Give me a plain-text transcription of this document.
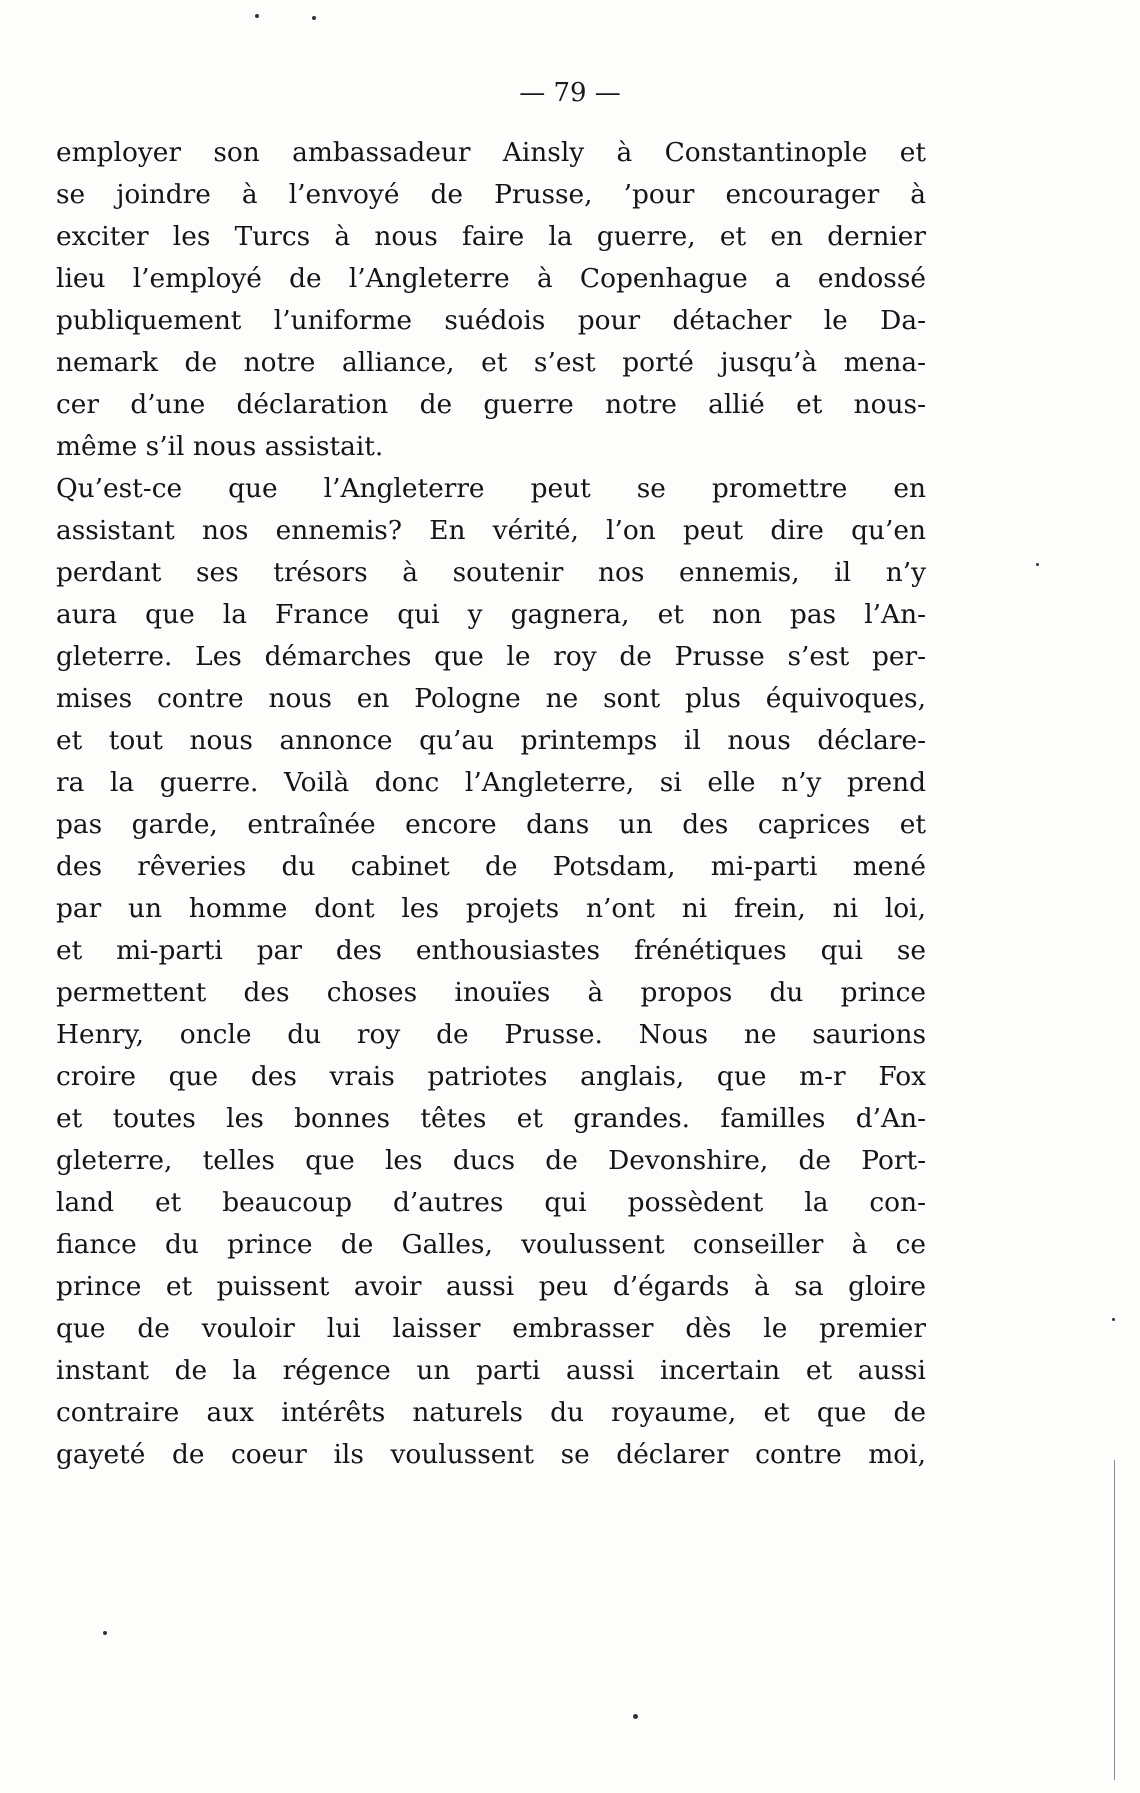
— 79 —
employer son ambassadeur Ainsly à Constantinople et
se joindre à l’envoyé de Prusse, ’pour encourager à
exciter les Turcs à nous faire la guerre, et en dernier
lieu l’employé de l’Angleterre à Copenhague a endossé
publiquement l’uniforme suédois pour détacher le Da-
nemark de notre alliance, et s’est porté jusqu’à mena-
cer d’une déclaration de guerre notre allié et nous-
même s’il nous assistait.
Qu’est-ce que l’Angleterre peut se promettre en
assistant nos ennemis? En vérité, l’on peut dire qu’en
perdant ses trésors à soutenir nos ennemis, il n’y
aura que la France qui y gagnera, et non pas l’An-
gleterre. Les démarches que le roy de Prusse s’est per-
mises contre nous en Pologne ne sont plus équivoques,
et tout nous annonce qu’au printemps il nous déclare-
ra la guerre. Voilà donc l’Angleterre, si elle n’y prend
pas garde, entraînée encore dans un des caprices et
des rêveries du cabinet de Potsdam, mi-parti mené
par un homme dont les projets n’ont ni frein, ni loi,
et mi-parti par des enthousiastes frénétiques qui se
permettent des choses inouïes à propos du prince
Henry, oncle du roy de Prusse. Nous ne saurions
croire que des vrais patriotes anglais, que m-r Fox
et toutes les bonnes têtes et grandes. familles d’An-
gleterre, telles que les ducs de Devonshire, de Port-
land et beaucoup d’autres qui possèdent la con-
fiance du prince de Galles, voulussent conseiller à ce
prince et puissent avoir aussi peu d’égards à sa gloire
que de vouloir lui laisser embrasser dès le premier
instant de la régence un parti aussi incertain et aussi
contraire aux intérêts naturels du royaume, et que de
gayeté de coeur ils voulussent se déclarer contre moi,
